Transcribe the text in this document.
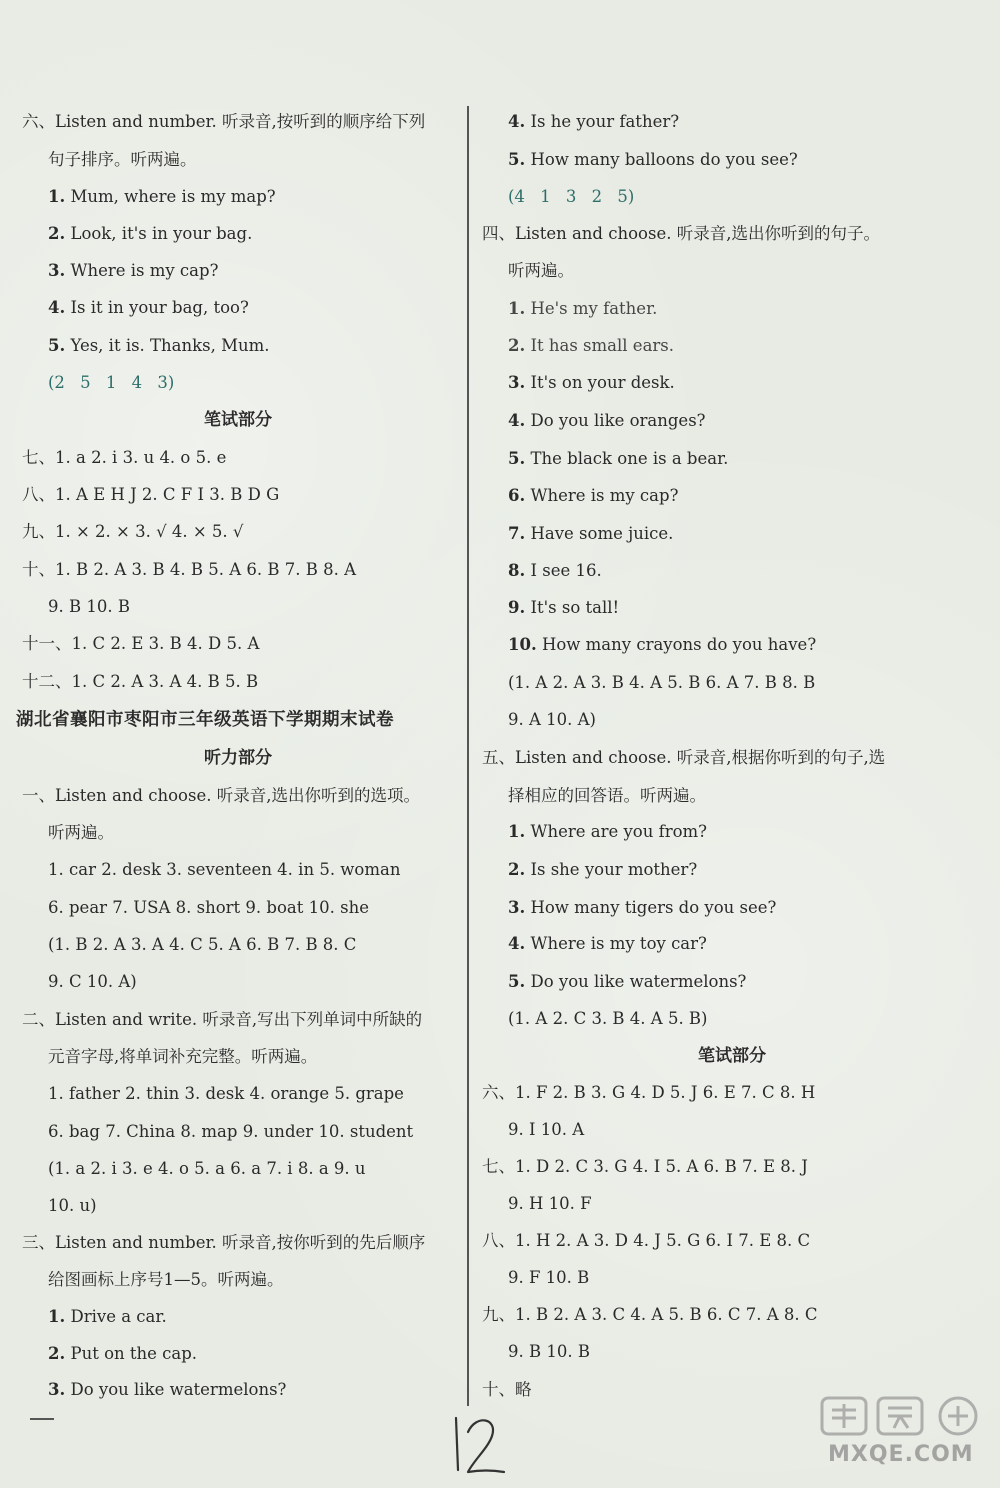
六、Listen and number. 听录音,按听到的顺序给下列
句子排序。听两遍。
1. Mum, where is my map?
2. Look, it's in your bag.
3. Where is my cap?
4. Is it in your bag, too?
5. Yes, it is. Thanks, Mum.
(2 5 1 4 3)
笔试部分
七、1. a 2. i 3. u 4. o 5. e
八、1. A E H J 2. C F I 3. B D G
九、1. × 2. × 3. √ 4. × 5. √
十、1. B 2. A 3. B 4. B 5. A 6. B 7. B 8. A
9. B 10. B
十一、1. C 2. E 3. B 4. D 5. A
十二、1. C 2. A 3. A 4. B 5. B
湖北省襄阳市枣阳市三年级英语下学期期末试卷
听力部分
一、Listen and choose. 听录音,选出你听到的选项。
听两遍。
1. car 2. desk 3. seventeen 4. in 5. woman
6. pear 7. USA 8. short 9. boat 10. she
(1. B 2. A 3. A 4. C 5. A 6. B 7. B 8. C
9. C 10. A)
二、Listen and write. 听录音,写出下列单词中所缺的
元音字母,将单词补充完整。听两遍。
1. father 2. thin 3. desk 4. orange 5. grape
6. bag 7. China 8. map 9. under 10. student
(1. a 2. i 3. e 4. o 5. a 6. a 7. i 8. a 9. u
10. u)
三、Listen and number. 听录音,按你听到的先后顺序
给图画标上序号1—5。听两遍。
1. Drive a car.
2. Put on the cap.
3. Do you like watermelons?
4. Is he your father?
5. How many balloons do you see?
(4 1 3 2 5)
四、Listen and choose. 听录音,选出你听到的句子。
听两遍。
1. He's my father.
2. It has small ears.
3. It's on your desk.
4. Do you like oranges?
5. The black one is a bear.
6. Where is my cap?
7. Have some juice.
8. I see 16.
9. It's so tall!
10. How many crayons do you have?
(1. A 2. A 3. B 4. A 5. B 6. A 7. B 8. B
9. A 10. A)
五、Listen and choose. 听录音,根据你听到的句子,选
择相应的回答语。听两遍。
1. Where are you from?
2. Is she your mother?
3. How many tigers do you see?
4. Where is my toy car?
5. Do you like watermelons?
(1. A 2. C 3. B 4. A 5. B)
笔试部分
六、1. F 2. B 3. G 4. D 5. J 6. E 7. C 8. H
9. I 10. A
七、1. D 2. C 3. G 4. I 5. A 6. B 7. E 8. J
9. H 10. F
八、1. H 2. A 3. D 4. J 5. G 6. I 7. E 8. C
9. F 10. B
九、1. B 2. A 3. C 4. A 5. B 6. C 7. A 8. C
9. B 10. B
十、略
MXQE.COM
